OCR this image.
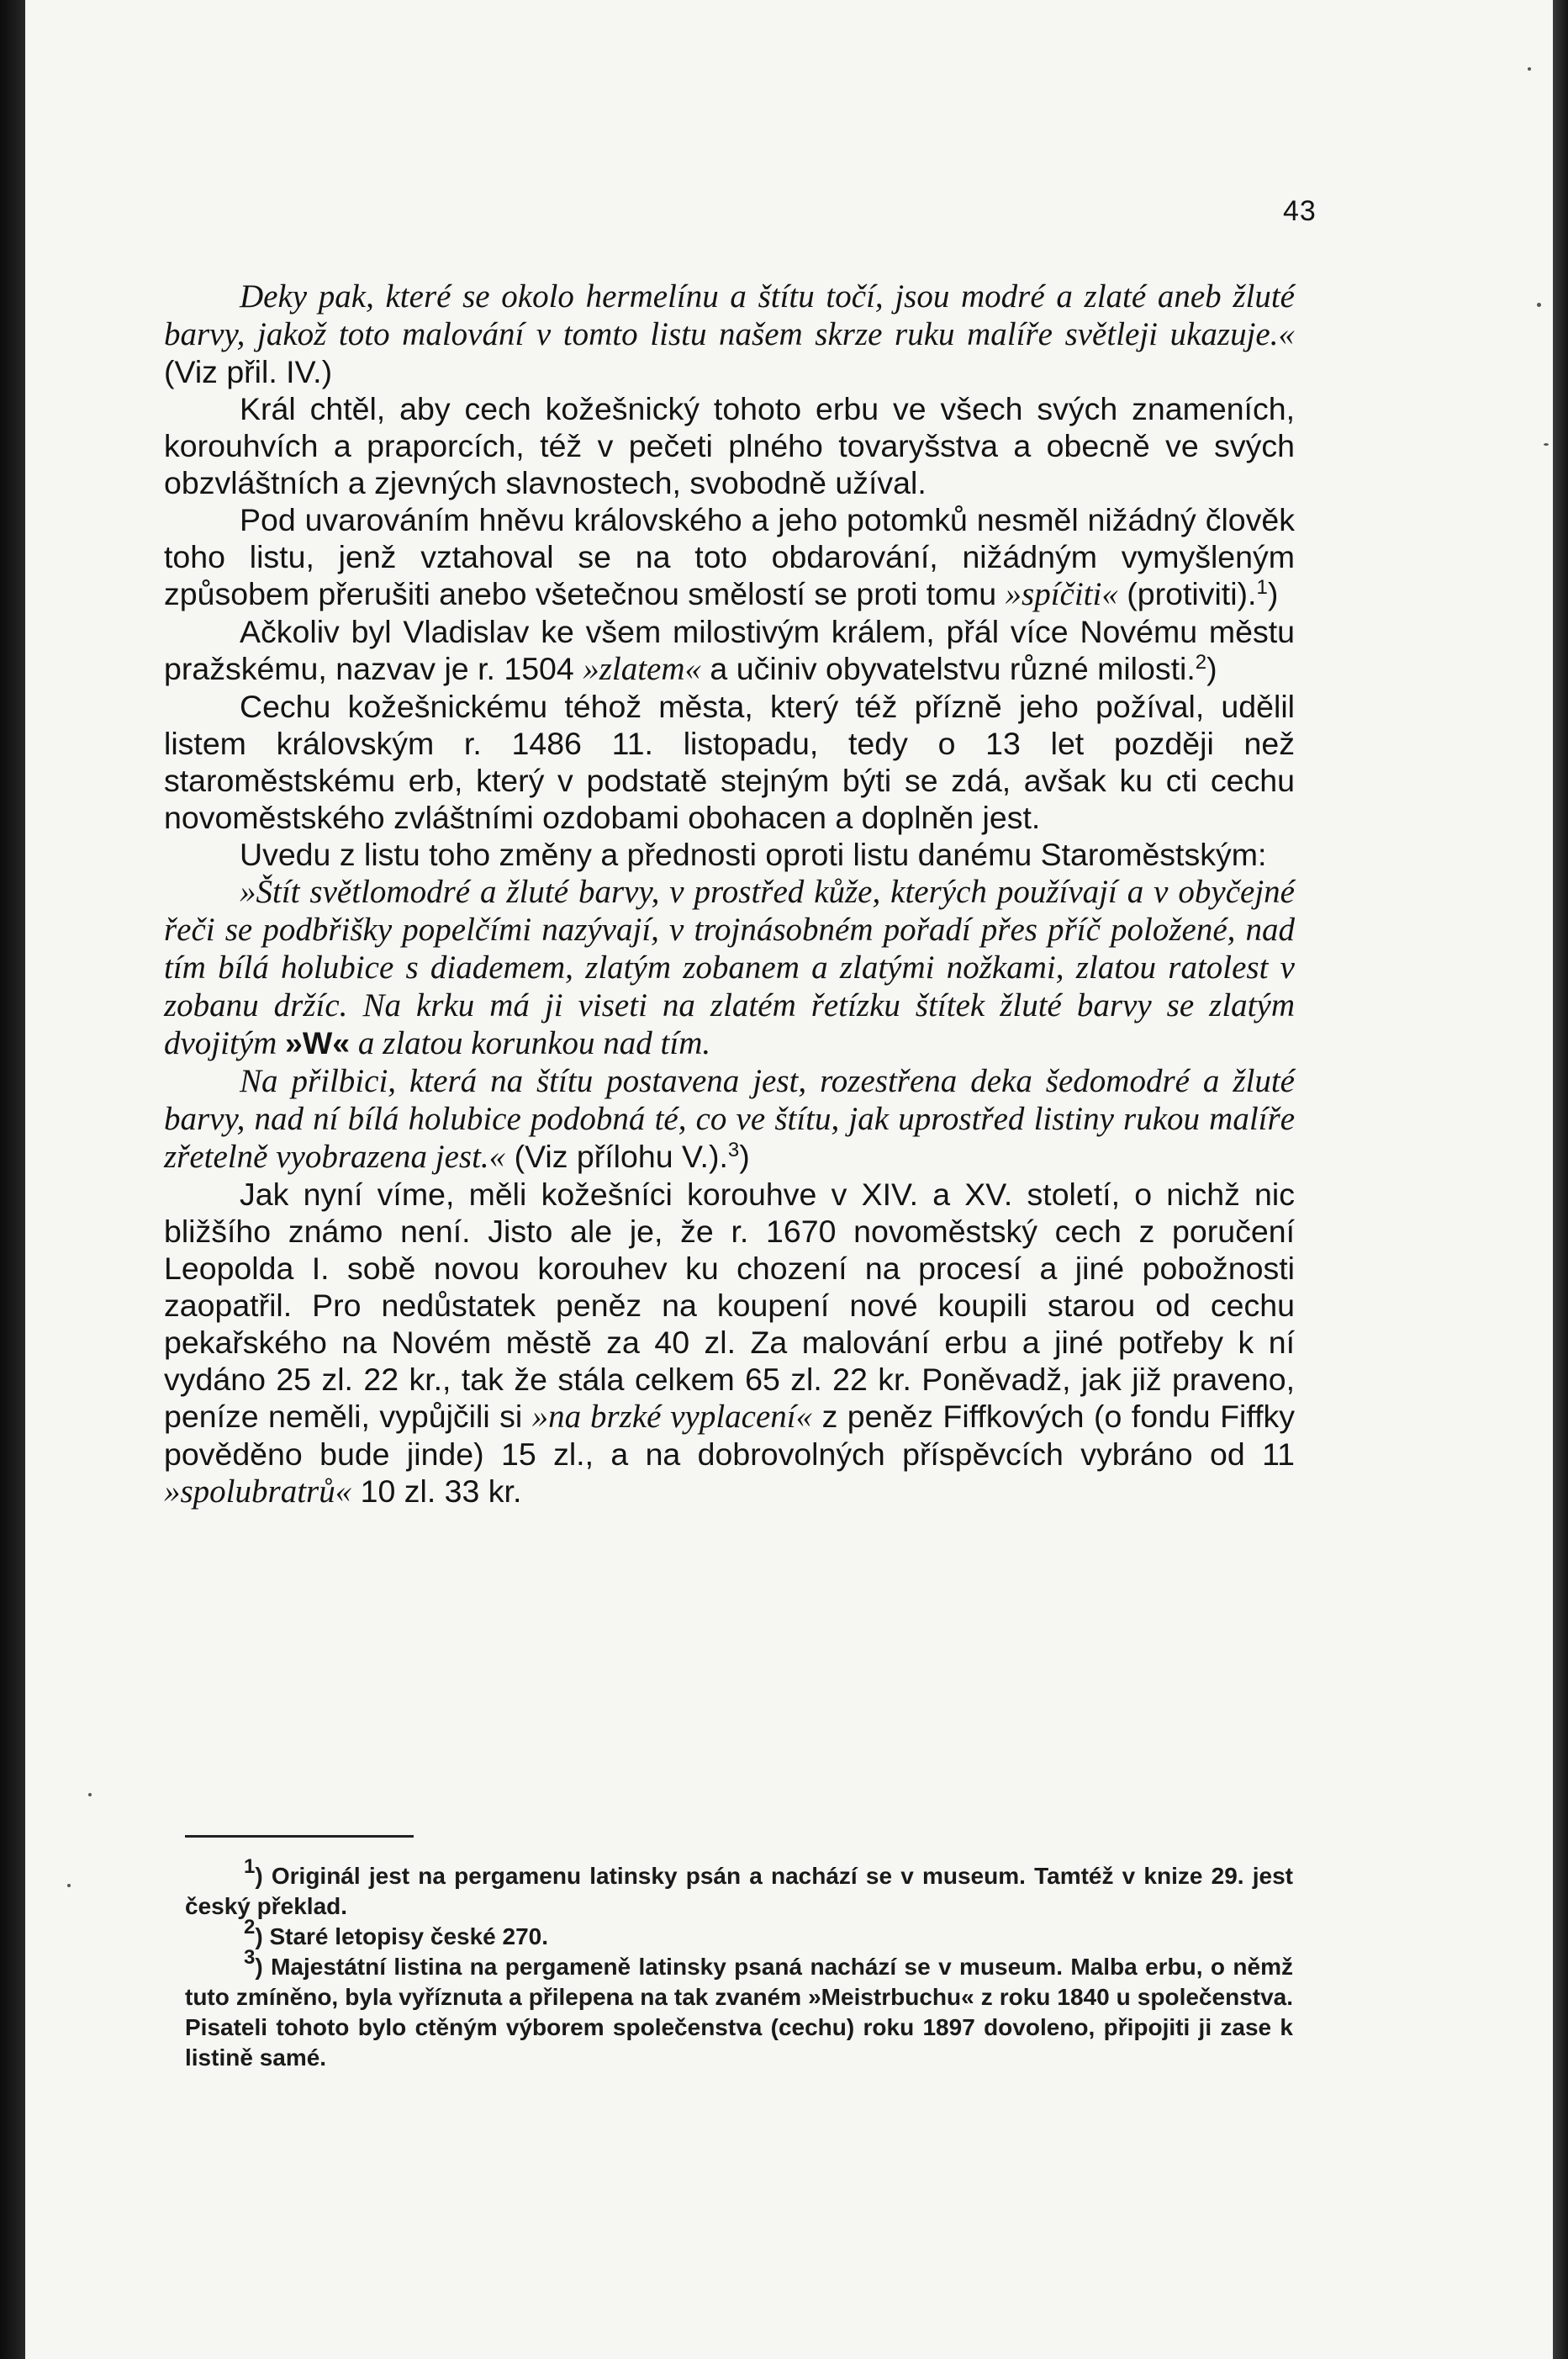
43

Deky pak, které se okolo hermelínu a štítu točí, jsou modré a zlaté aneb žluté barvy, jakož toto malování v tomto listu našem skrze ruku malíře světleji ukazuje.« (Viz přil. IV.)

Král chtěl, aby cech kožešnický tohoto erbu ve všech svých znameních, korouhvích a praporcích, též v pečeti plného tovaryšstva a obecně ve svých obzvláštních a zjevných slavnostech, svobodně užíval.

Pod uvarováním hněvu královského a jeho potomků nesměl nižádný člověk toho listu, jenž vztahoval se na toto obdarování, nižádným vymyšleným způsobem přerušiti anebo všetečnou smělostí se proti tomu »spíčiti« (protiviti).$^1$)

Ačkoliv byl Vladislav ke všem milostivým králem, přál více Novému městu pražskému, nazvav je r. 1504 »zlatem« a učiniv obyvatelstvu různé milosti.$^2$)

Cechu kožešnickému téhož města, který též příznĕ jeho požíval, udělil listem královským r. 1486 11. listopadu, tedy o 13 let později než staroměstskému erb, který v podstatě stejným býti se zdá, avšak ku cti cechu novoměstského zvláštními ozdobami obohacen a doplněn jest.

Uvedu z listu toho změny a přednosti oproti listu danému Staroměstským:

»Štít světlomodré a žluté barvy, v prostřed kůže, kterých používají a v obyčejné řeči se podbřišky popelčími nazývají, v trojnásobném pořadí přes příč položené, nad tím bílá holubice s diademem, zlatým zobanem a zlatými nožkami, zlatou ratolest v zobanu držíc. Na krku má ji viseti na zlatém řetízku štítek žluté barvy se zlatým dvojitým »W« a zlatou korunkou nad tím.

Na přilbici, která na štítu postavena jest, rozestřena deka šedomodré a žluté barvy, nad ní bílá holubice podobná té, co ve štítu, jak uprostřed listiny rukou malíře zřetelně vyobrazena jest.« (Viz přílohu V.).$^3$)

Jak nyní víme, měli kožešníci korouhve v XIV. a XV. století, o nichž nic bližšího známo není. Jisto ale je, že r. 1670 novoměstský cech z poručení Leopolda I. sobě novou korouhev ku chození na procesí a jiné pobožnosti zaopatřil. Pro nedůstatek peněz na koupení nové koupili starou od cechu pekařského na Novém městě za 40 zl. Za malování erbu a jiné potřeby k ní vydáno 25 zl. 22 kr., tak že stála celkem 65 zl. 22 kr. Poněvadž, jak již praveno, peníze neměli, vypůjčili si »na brzké vyplacení« z peněz Fiffkových (o fondu Fiffky pověděno bude jinde) 15 zl., a na dobrovolných příspěvcích vybráno od 11 »spolubratrů« 10 zl. 33 kr.

$^1$) Originál jest na pergamenu latinsky psán a nachází se v museum. Tamtéž v knize 29. jest český překlad.

$^2$) Staré letopisy české 270.

$^3$) Majestátní listina na pergameně latinsky psaná nachází se v museum. Malba erbu, o němž tuto zmíněno, byla vyříznuta a přilepena na tak zvaném »Meistrbuchu« z roku 1840 u společenstva. Pisateli tohoto bylo ctěným výborem společenstva (cechu) roku 1897 dovoleno, připojiti ji zase k listině samé.
